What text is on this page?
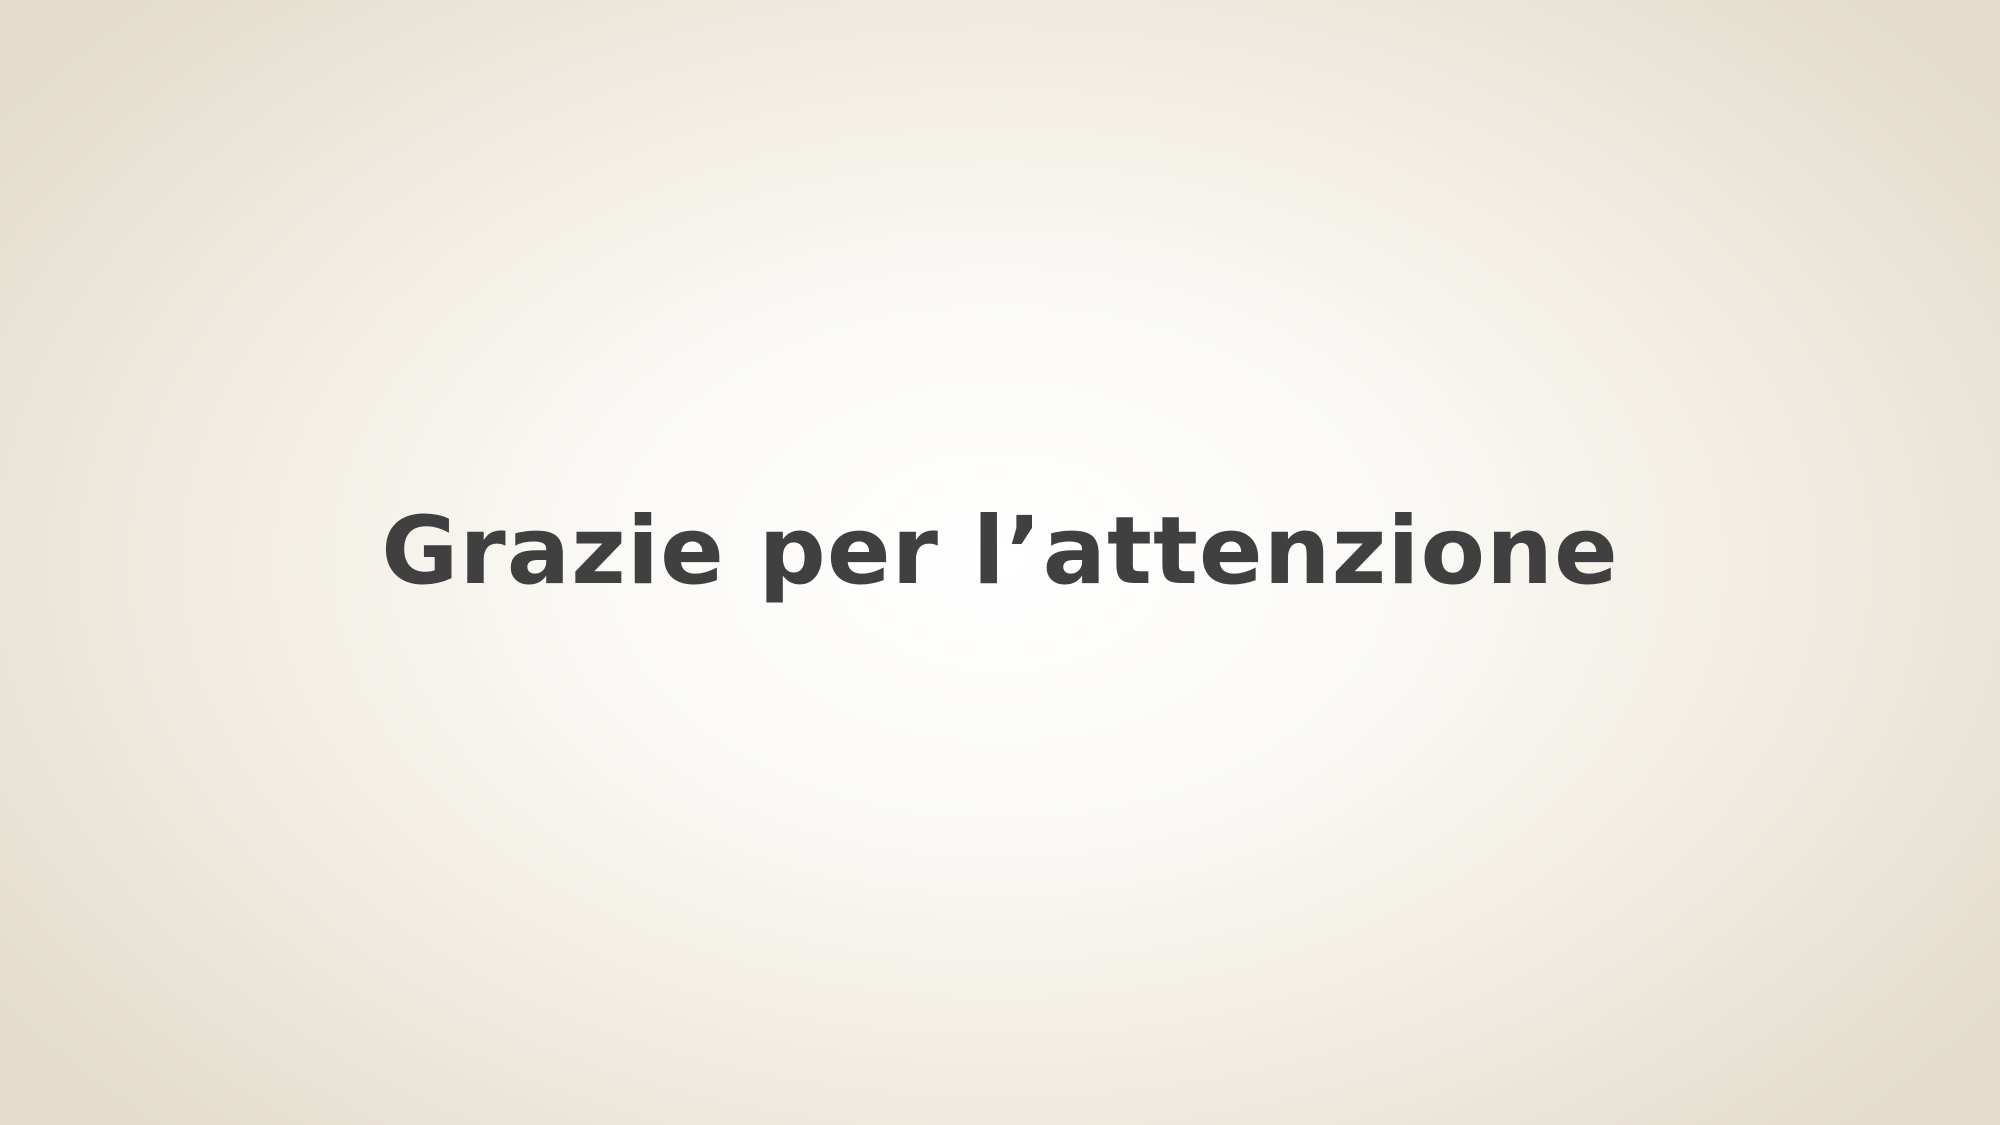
Grazie per l’attenzione
